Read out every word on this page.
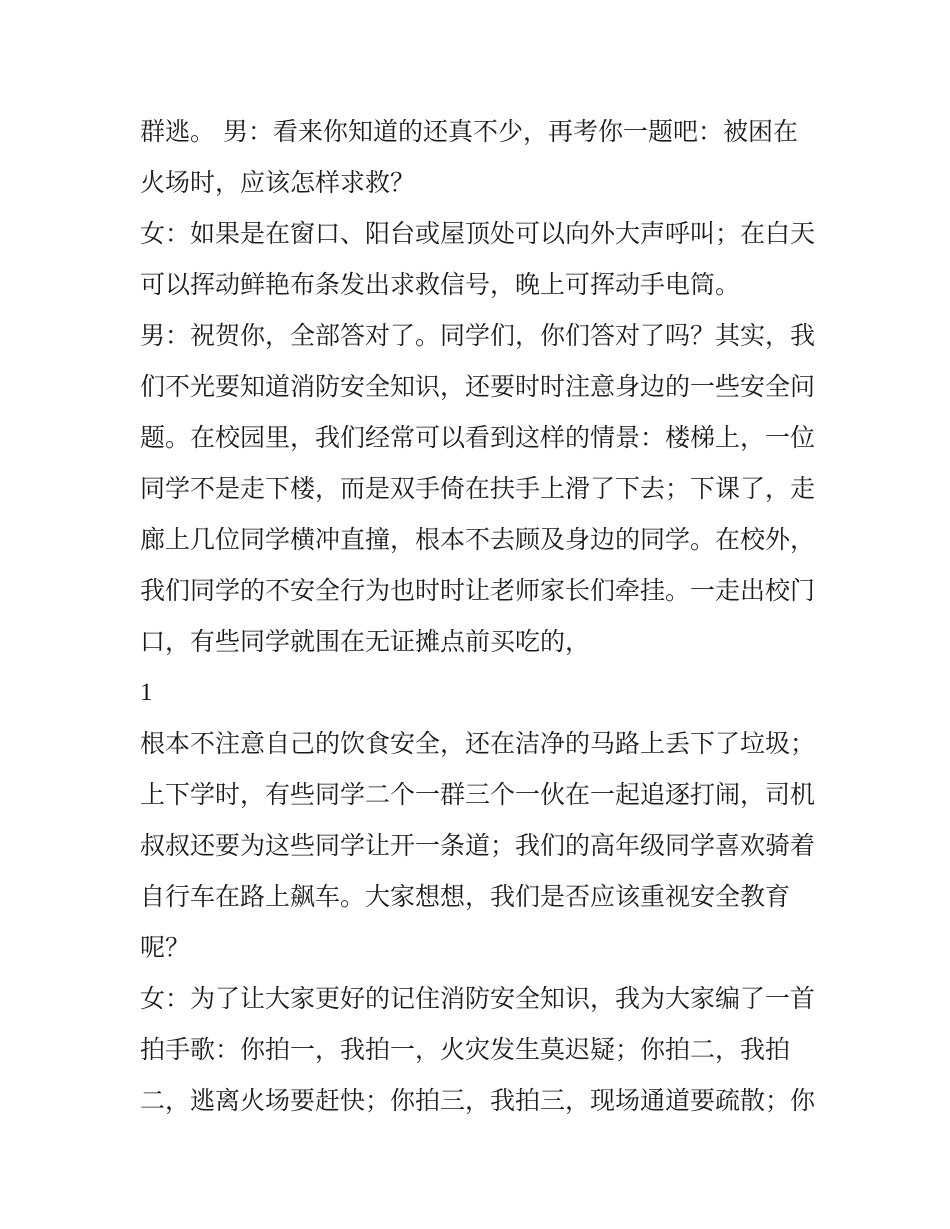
群逃。 男：看来你知道的还真不少，再考你一题吧：被困在
火场时，应该怎样求救？
女：如果是在窗口、阳台或屋顶处可以向外大声呼叫；在白天
可以挥动鲜艳布条发出求救信号，晚上可挥动手电筒。
男：祝贺你，全部答对了。同学们，你们答对了吗？其实，我
们不光要知道消防安全知识，还要时时注意身边的一些安全问
题。在校园里，我们经常可以看到这样的情景：楼梯上，一位
同学不是走下楼，而是双手倚在扶手上滑了下去；下课了，走
廊上几位同学横冲直撞，根本不去顾及身边的同学。在校外，
我们同学的不安全行为也时时让老师家长们牵挂。一走出校门
口，有些同学就围在无证摊点前买吃的，
1
根本不注意自己的饮食安全，还在洁净的马路上丢下了垃圾；
上下学时，有些同学二个一群三个一伙在一起追逐打闹，司机
叔叔还要为这些同学让开一条道；我们的高年级同学喜欢骑着
自行车在路上飙车。大家想想，我们是否应该重视安全教育
呢？
女：为了让大家更好的记住消防安全知识，我为大家编了一首
拍手歌：你拍一，我拍一，火灾发生莫迟疑；你拍二，我拍
二，逃离火场要赶快；你拍三，我拍三，现场通道要疏散；你
